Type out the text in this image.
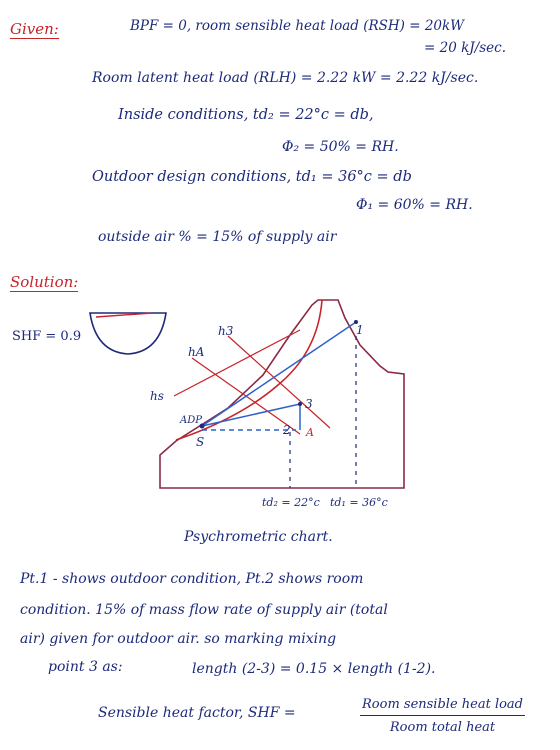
Given:	BPF = 0, room sensible heat load (RSH) = 20kW
= 20 kJ/sec.
Room latent heat load (RLH) = 2.22 kW = 2.22 kJ/sec.
Inside conditions, td₂ = 22°c = db,
Φ₂ = 50% = RH.
Outdoor design conditions, td₁ = 36°c = db
Φ₁ = 60% = RH.
outside air % = 15% of supply air
Solution:
SHF = 0.9	h3
hA
hs
ADP
S
1
2
3
A
td₂ = 22°c td₁ = 36°c
Psychrometric chart.
Pt.1 - shows outdoor condition, Pt.2 shows room
condition. 15% of mass flow rate of supply air (total
air) given for outdoor air. so marking mixing
point 3 as:	length (2-3) = 0.15 × length (1-2).
Sensible heat factor, SHF =
Room sensible heat load
Room total heat
